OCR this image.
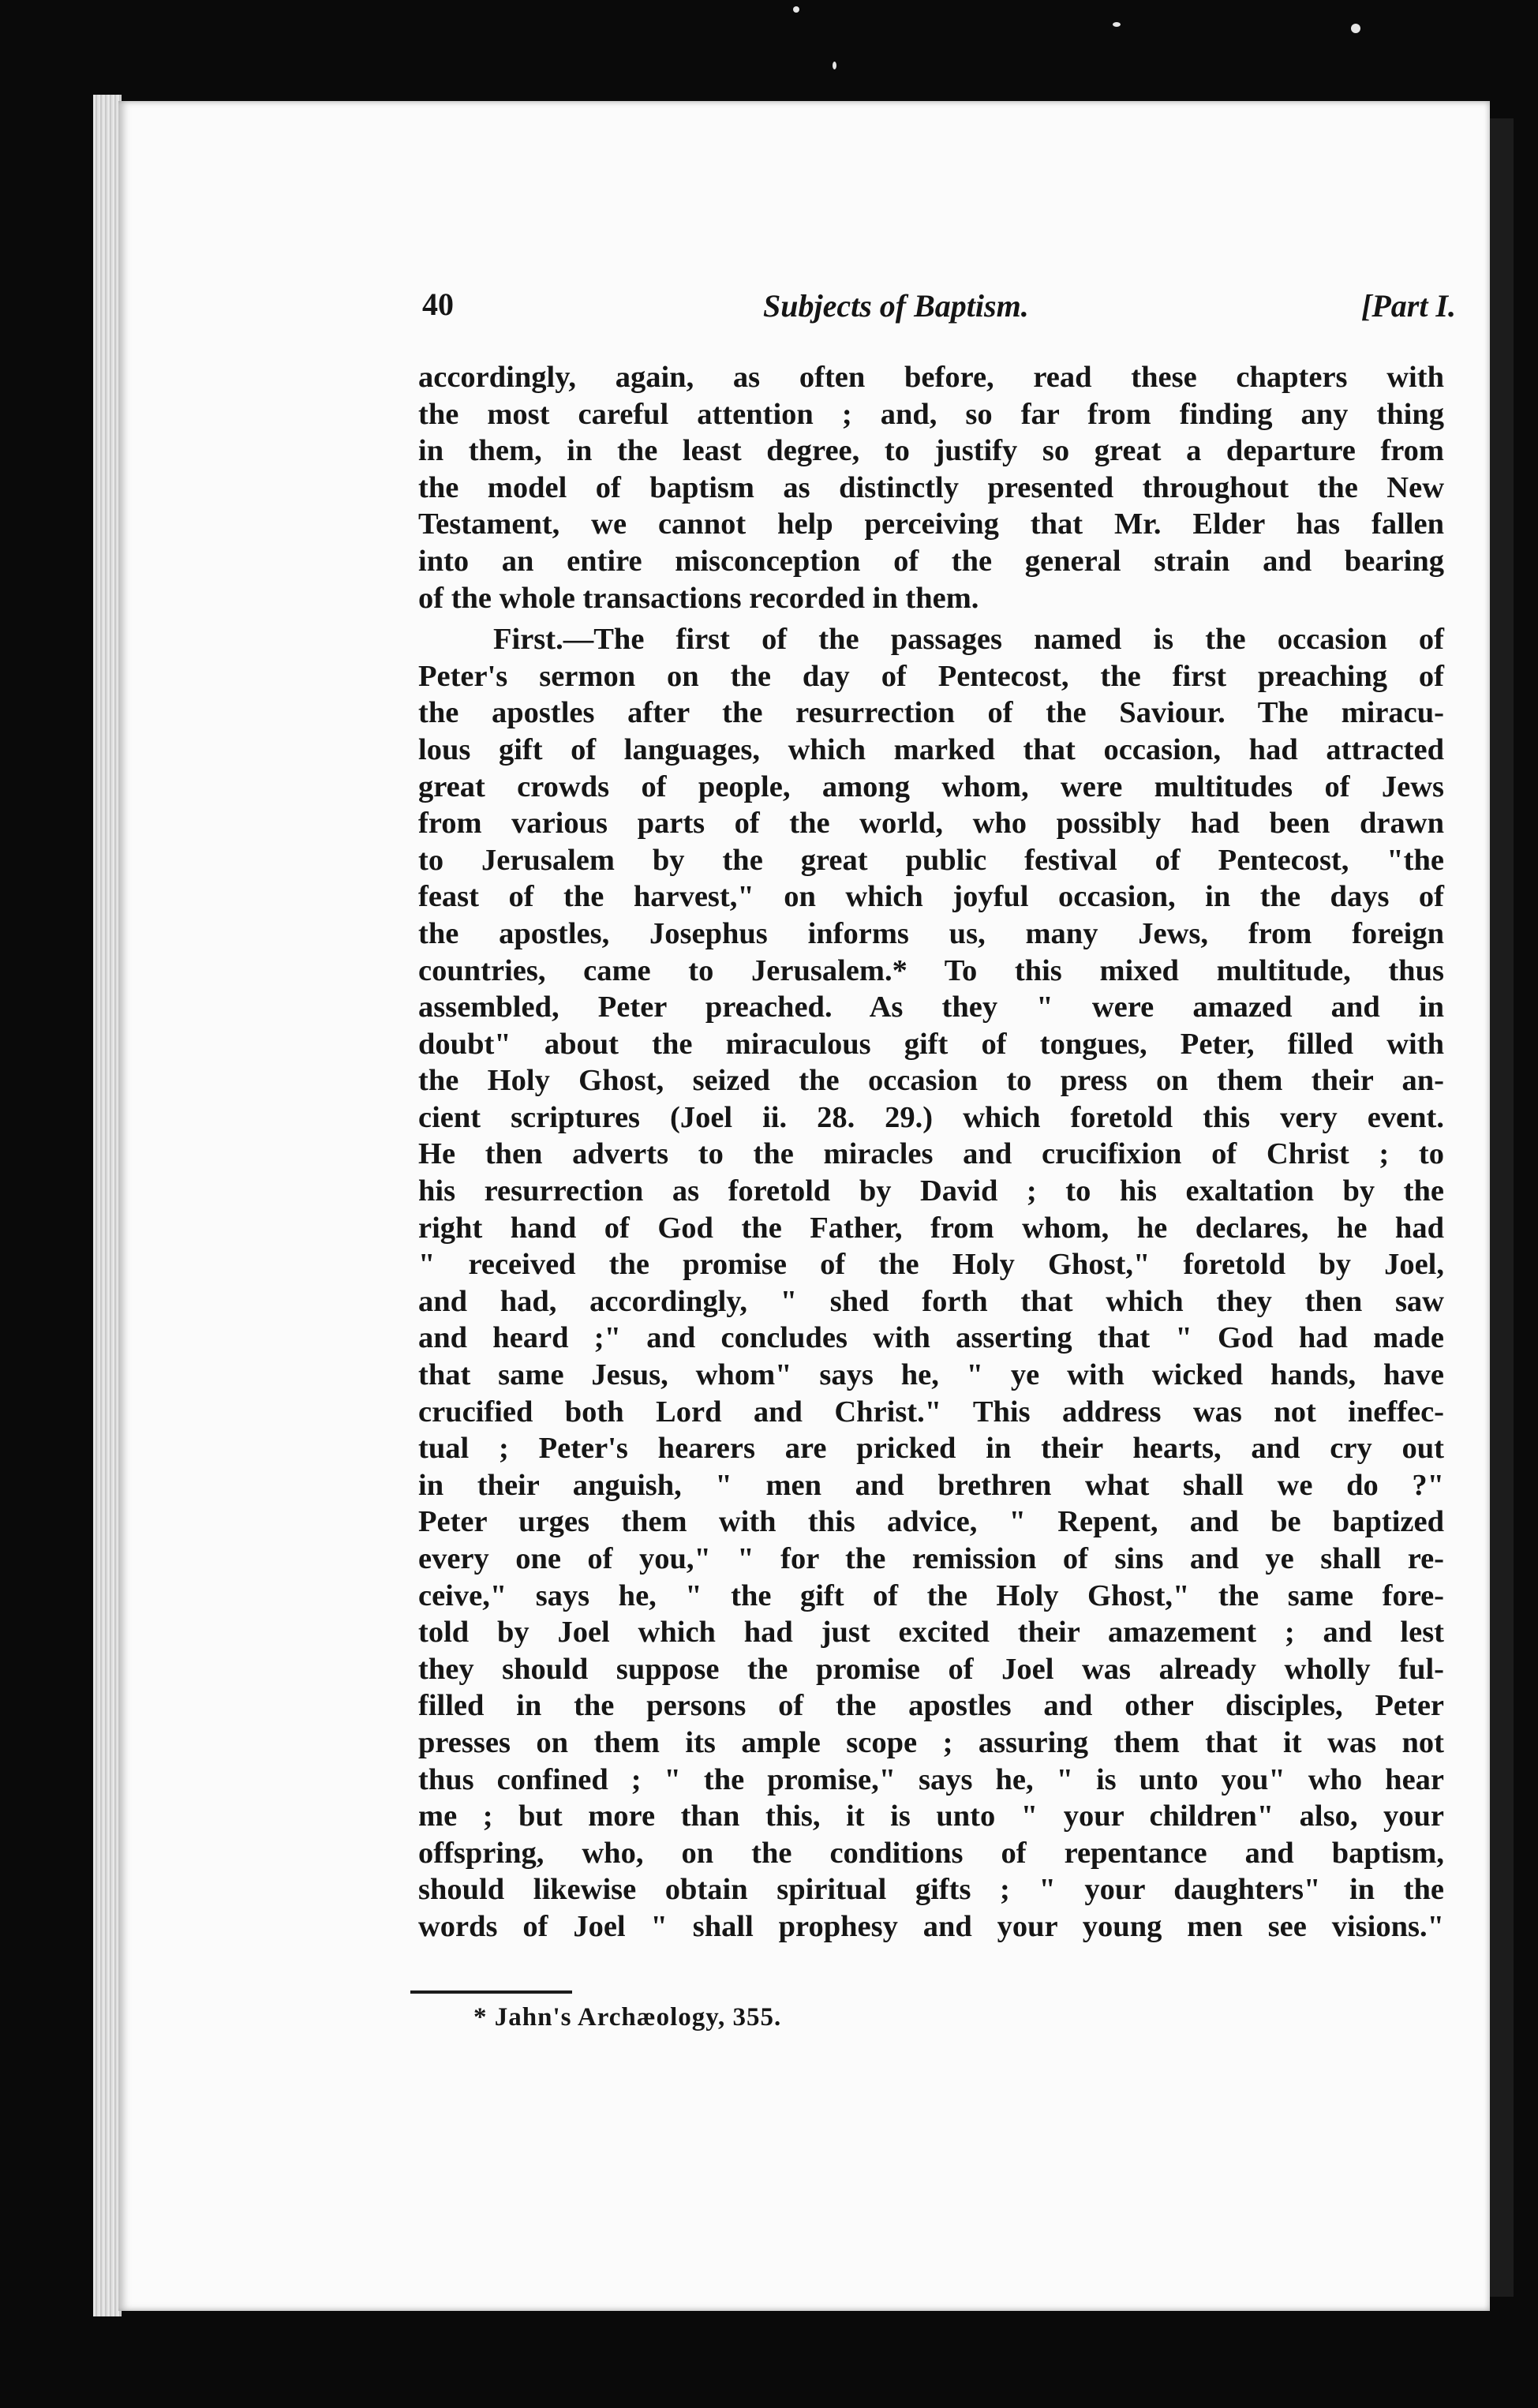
40	Subjects of Baptism.	[Part I.
accordingly, again, as often before, read these chapters with
the most careful attention ; and, so far from finding any thing
in them, in the least degree, to justify so great a departure from
the model of baptism as distinctly presented throughout the New
Testament, we cannot help perceiving that Mr. Elder has fallen
into an entire misconception of the general strain and bearing
of the whole transactions recorded in them.
First.—The first of the passages named is the occasion of
Peter's sermon on the day of Pentecost, the first preaching of
the apostles after the resurrection of the Saviour. The miracu-
lous gift of languages, which marked that occasion, had attracted
great crowds of people, among whom, were multitudes of Jews
from various parts of the world, who possibly had been drawn
to Jerusalem by the great public festival of Pentecost, "the
feast of the harvest," on which joyful occasion, in the days of
the apostles, Josephus informs us, many Jews, from foreign
countries, came to Jerusalem.* To this mixed multitude, thus
assembled, Peter preached. As they " were amazed and in
doubt" about the miraculous gift of tongues, Peter, filled with
the Holy Ghost, seized the occasion to press on them their an-
cient scriptures (Joel ii. 28. 29.) which foretold this very event.
He then adverts to the miracles and crucifixion of Christ ; to
his resurrection as foretold by David ; to his exaltation by the
right hand of God the Father, from whom, he declares, he had
" received the promise of the Holy Ghost," foretold by Joel,
and had, accordingly, " shed forth that which they then saw
and heard ;" and concludes with asserting that " God had made
that same Jesus, whom" says he, " ye with wicked hands, have
crucified both Lord and Christ." This address was not ineffec-
tual ; Peter's hearers are pricked in their hearts, and cry out
in their anguish, " men and brethren what shall we do ?"
Peter urges them with this advice, " Repent, and be baptized
every one of you," " for the remission of sins and ye shall re-
ceive," says he, " the gift of the Holy Ghost," the same fore-
told by Joel which had just excited their amazement ; and lest
they should suppose the promise of Joel was already wholly ful-
filled in the persons of the apostles and other disciples, Peter
presses on them its ample scope ; assuring them that it was not
thus confined ; " the promise," says he, " is unto you" who hear
me ; but more than this, it is unto " your children" also, your
offspring, who, on the conditions of repentance and baptism,
should likewise obtain spiritual gifts ; " your daughters" in the
words of Joel " shall prophesy and your young men see visions."
* Jahn's Archæology, 355.
